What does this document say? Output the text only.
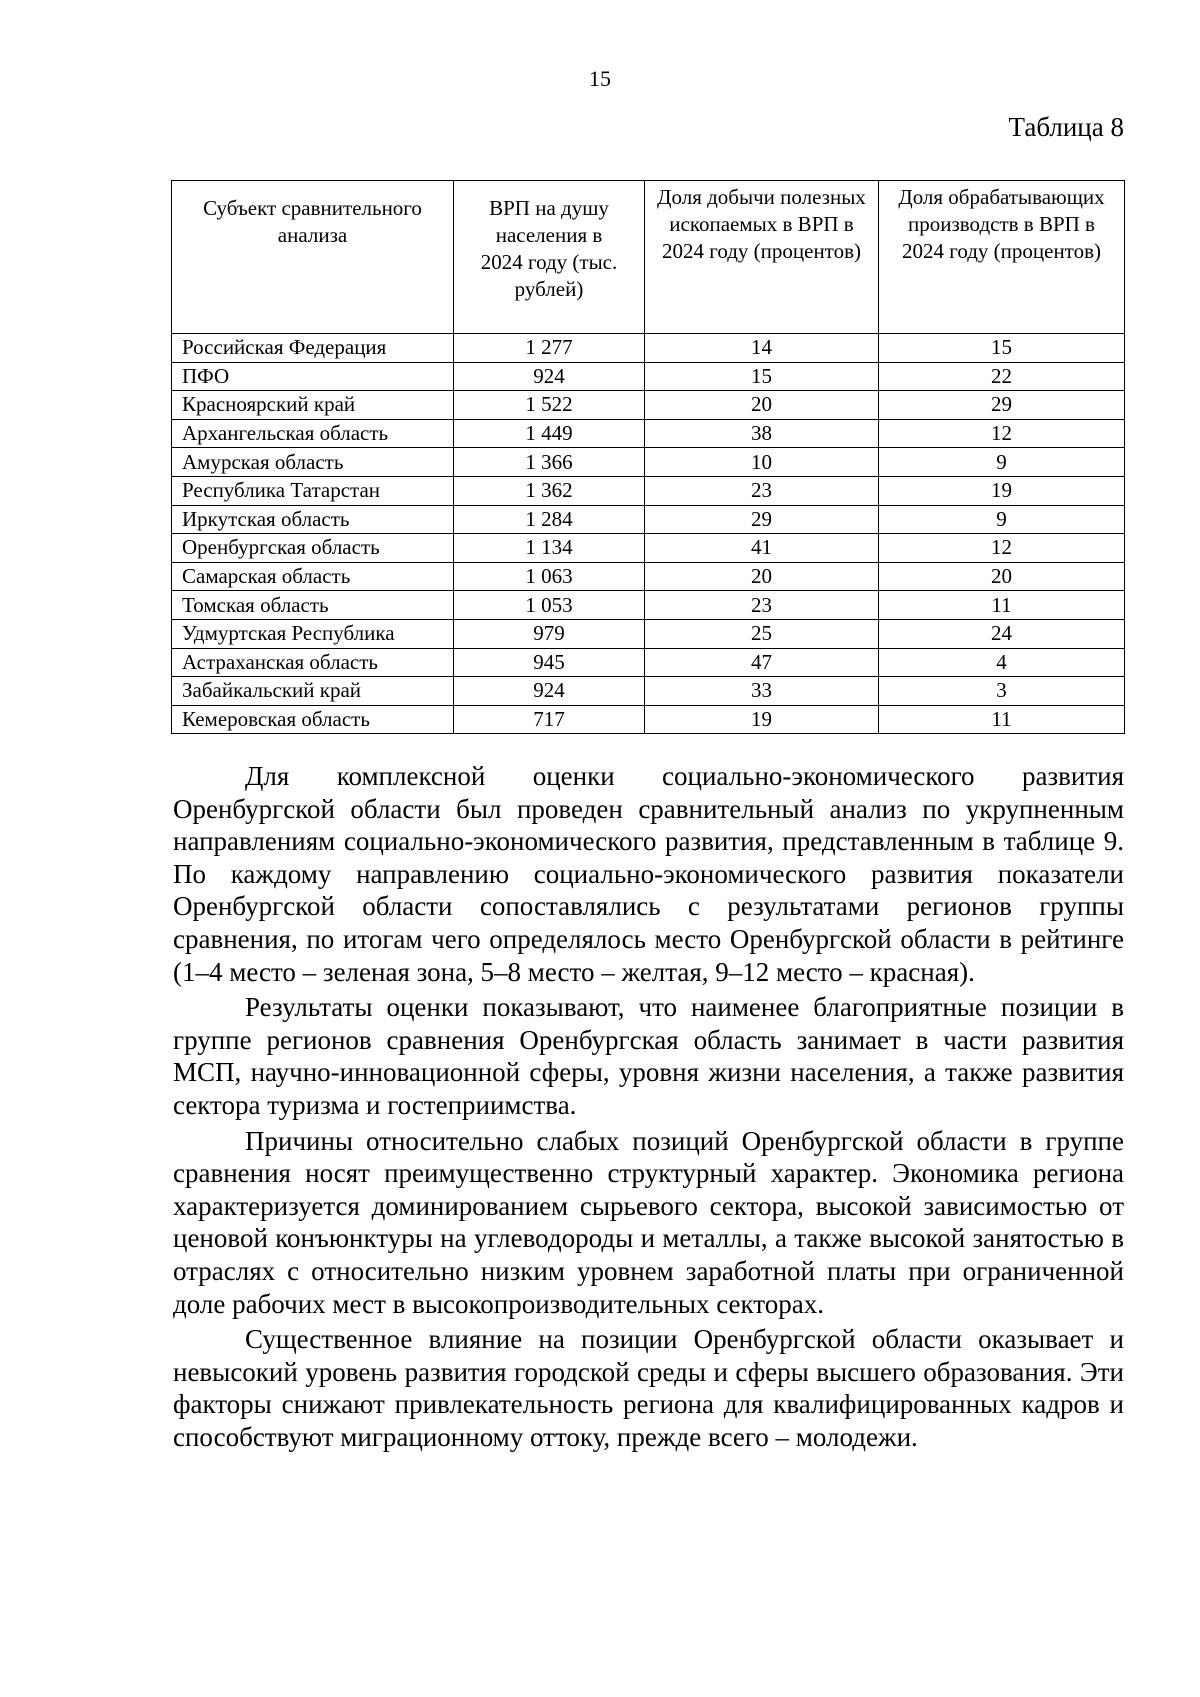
15
Таблица 8
Субъект сравнительного анализа	ВРП на душу населения в 2024 году (тыс. рублей)	Доля добычи полезных ископаемых в ВРП в 2024 году (процентов)	Доля обрабатывающих производств в ВРП в 2024 году (процентов)
Российская Федерация	1 277	14	15
ПФО	924	15	22
Красноярский край	1 522	20	29
Архангельская область	1 449	38	12
Амурская область	1 366	10	9
Республика Татарстан	1 362	23	19
Иркутская область	1 284	29	9
Оренбургская область	1 134	41	12
Самарская область	1 063	20	20
Томская область	1 053	23	11
Удмуртская Республика	979	25	24
Астраханская область	945	47	4
Забайкальский край	924	33	3
Кемеровская область	717	19	11

Для комплексной оценки социально-экономического развития Оренбургской области был проведен сравнительный анализ по укрупненным направлениям социально-экономического развития, представленным в таблице 9. По каждому направлению социально-экономического развития показатели Оренбургской области сопоставлялись с результатами регионов группы сравнения, по итогам чего определялось место Оренбургской области в рейтинге (1–4 место – зеленая зона, 5–8 место – желтая, 9–12 место – красная).

Результаты оценки показывают, что наименее благоприятные позиции в группе регионов сравнения Оренбургская область занимает в части развития МСП, научно-инновационной сферы, уровня жизни населения, а также развития сектора туризма и гостеприимства.

Причины относительно слабых позиций Оренбургской области в группе сравнения носят преимущественно структурный характер. Экономика региона характеризуется доминированием сырьевого сектора, высокой зависимостью от ценовой конъюнктуры на углеводороды и металлы, а также высокой занятостью в отраслях с относительно низким уровнем заработной платы при ограниченной доле рабочих мест в высокопроизводительных секторах.

Существенное влияние на позиции Оренбургской области оказывает и невысокий уровень развития городской среды и сферы высшего образования. Эти факторы снижают привлекательность региона для квалифицированных кадров и способствуют миграционному оттоку, прежде всего – молодежи.
